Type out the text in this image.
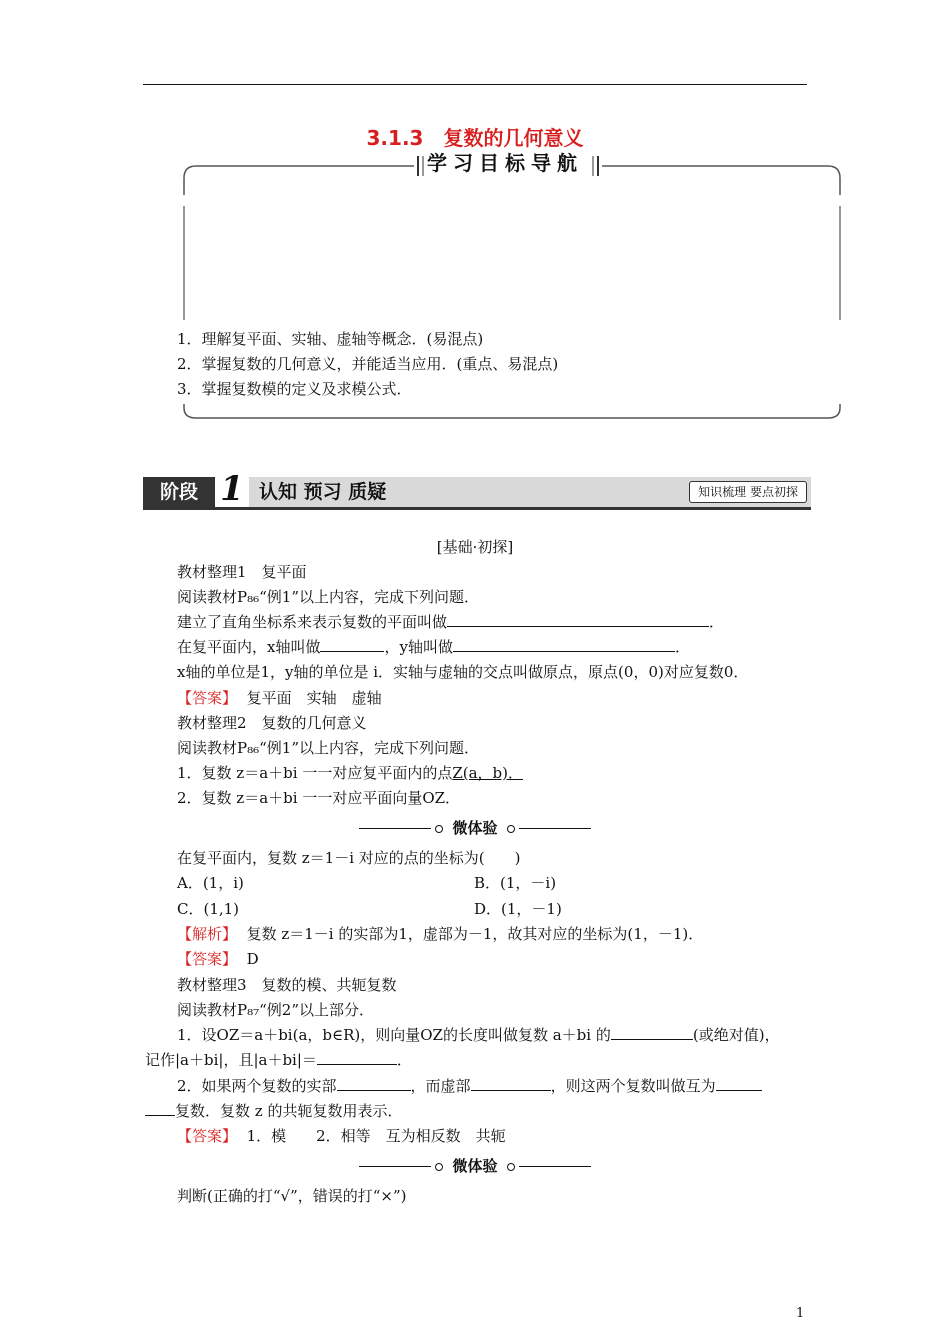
3.1.3　复数的几何意义
学习目标导航
1．理解复平面、实轴、虚轴等概念．(易混点)
2．掌握复数的几何意义，并能适当应用．(重点、易混点)
3．掌握复数模的定义及求模公式．
阶段 1 认知 预习 质疑	知识梳理 要点初探
[基础·初探]
教材整理1　复平面
阅读教材P₈₆“例1”以上内容，完成下列问题．
建立了直角坐标系来表示复数的平面叫做	．
在复平面内，x轴叫做	，y轴叫做	．
x轴的单位是1，y轴的单位是 i．实轴与虚轴的交点叫做原点，原点(0，0)对应复数0．
【答案】 复平面　实轴　虚轴
教材整理2　复数的几何意义
阅读教材P₈₆“例1”以上内容，完成下列问题．
1．复数 z＝a＋bi 一一对应复平面内的点Z(a，b)．
2．复数 z＝a＋bi 一一对应平面向量OZ．
微体验
在复平面内，复数 z＝1－i 对应的点的坐标为(　　)
A．(1，i)	B．(1，－i)
C．(1,1)	D．(1，－1)
【解析】 复数 z＝1－i 的实部为1，虚部为－1，故其对应的坐标为(1，－1)．
【答案】 D
教材整理3　复数的模、共轭复数
阅读教材P₈₇“例2”以上部分．
1．设OZ＝a＋bi(a，b∈R)，则向量OZ的长度叫做复数 a＋bi 的	(或绝对值)，
记作|a＋bi|，且|a＋bi|＝	．
2．如果两个复数的实部	，而虚部	，则这两个复数叫做互为
复数．复数 z 的共轭复数用表示．
【答案】 1．模　　2．相等　互为相反数　共轭
微体验
判断(正确的打“√”，错误的打“×”)
1
